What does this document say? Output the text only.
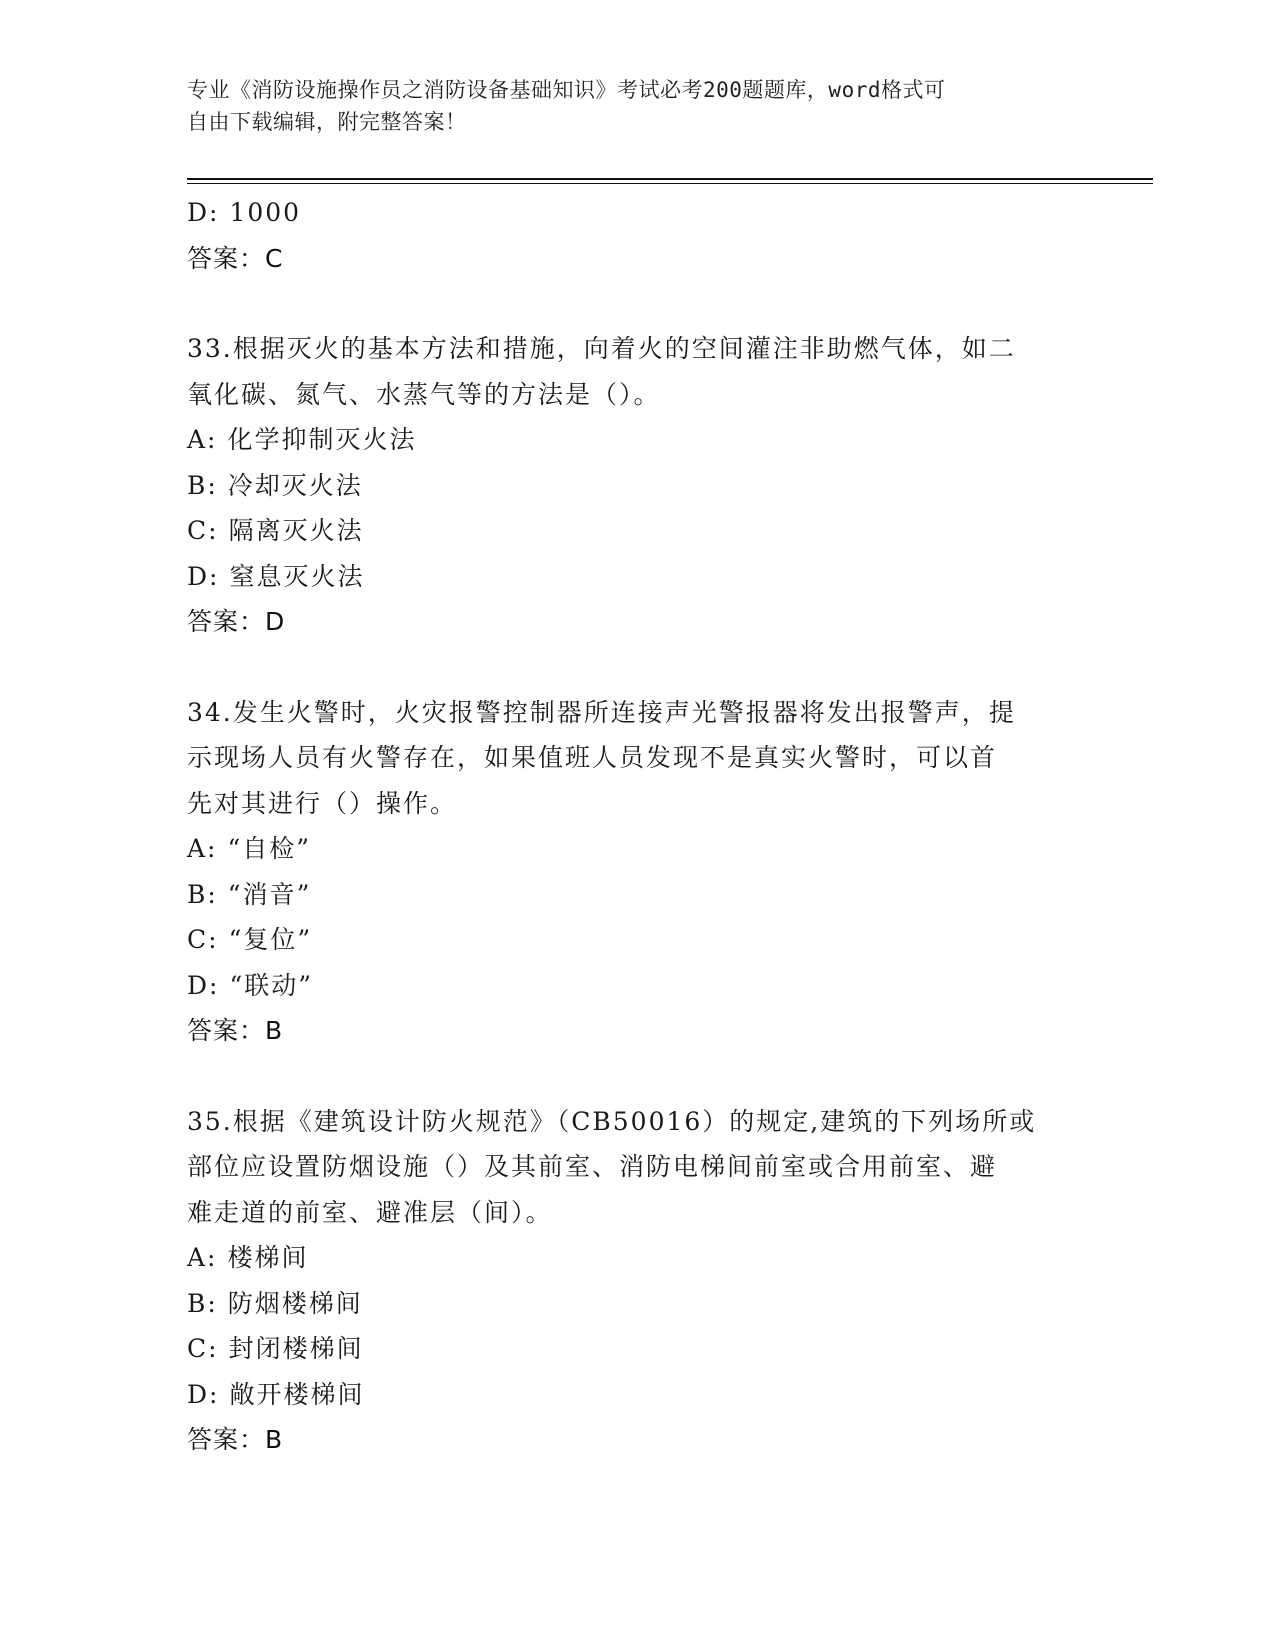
专业《消防设施操作员之消防设备基础知识》考试必考200题题库，word格式可
自由下载编辑，附完整答案！
D: 1000
答案：C
33.根据灭火的基本方法和措施，向着火的空间灌注非助燃气体，如二
氧化碳、氮气、水蒸气等的方法是（）。
A: 化学抑制灭火法
B: 冷却灭火法
C: 隔离灭火法
D: 窒息灭火法
答案：D
34.发生火警时，火灾报警控制器所连接声光警报器将发出报警声，提
示现场人员有火警存在，如果值班人员发现不是真实火警时，可以首
先对其进行（）操作。
A: “自检”
B: “消音”
C: “复位”
D: “联动”
答案：B
35.根据《建筑设计防火规范》（CB50016）的规定,建筑的下列场所或
部位应设置防烟设施（）及其前室、消防电梯间前室或合用前室、避
难走道的前室、避准层（间）。
A: 楼梯间
B: 防烟楼梯间
C: 封闭楼梯间
D: 敞开楼梯间
答案：B
